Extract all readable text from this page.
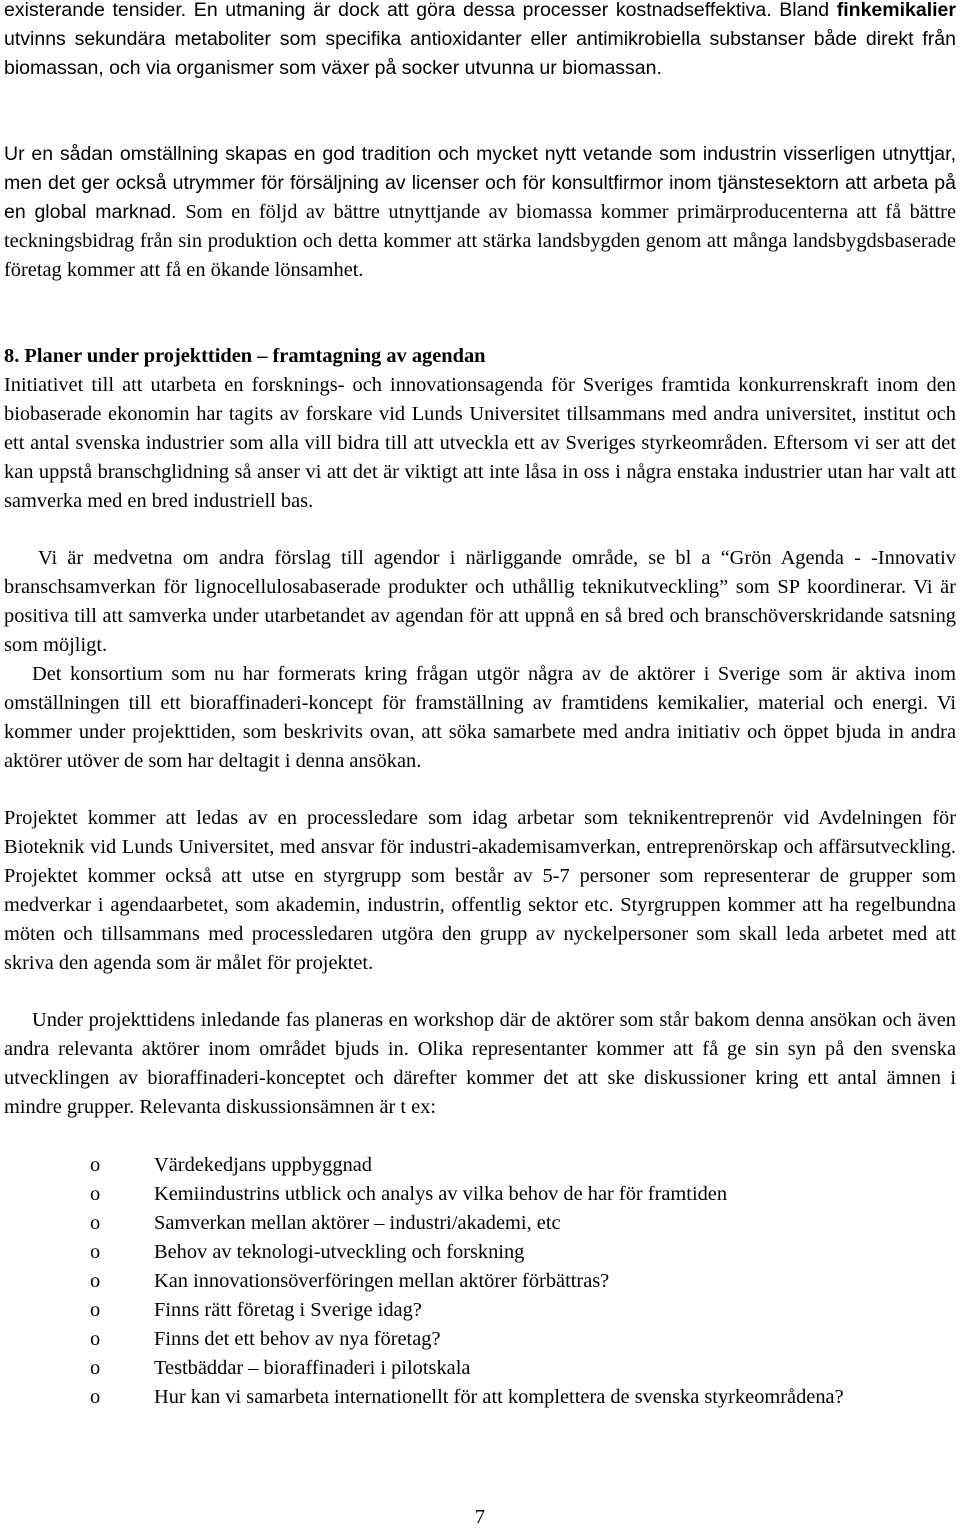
existerande tensider. En utmaning är dock att göra dessa processer kostnadseffektiva. Bland finkemikalier utvinns sekundära metaboliter som specifika antioxidanter eller antimikrobiella substanser både direkt från biomassan, och via organismer som växer på socker utvunna ur biomassan.

Ur en sådan omställning skapas en god tradition och mycket nytt vetande som industrin visserligen utnyttjar, men det ger också utrymmer för försäljning av licenser och för konsultfirmor inom tjänstesektorn att arbeta på en global marknad. Som en följd av bättre utnyttjande av biomassa kommer primärproducenterna att få bättre teckningsbidrag från sin produktion och detta kommer att stärka landsbygden genom att många landsbygdsbaserade företag kommer att få en ökande lönsamhet.

8. Planer under projekttiden – framtagning av agendan

Initiativet till att utarbeta en forsknings- och innovationsagenda för Sveriges framtida konkurrenskraft inom den biobaserade ekonomin har tagits av forskare vid Lunds Universitet tillsammans med andra universitet, institut och ett antal svenska industrier som alla vill bidra till att utveckla ett av Sveriges styrkeområden. Eftersom vi ser att det kan uppstå branschglidning så anser vi att det är viktigt att inte låsa in oss i några enstaka industrier utan har valt att samverka med en bred industriell bas.

Vi är medvetna om andra förslag till agendor i närliggande område, se bl a “Grön Agenda - -Innovativ branschsamverkan för lignocellulosabaserade produkter och uthållig teknikutveckling” som SP koordinerar. Vi är positiva till att samverka under utarbetandet av agendan för att uppnå en så bred och branschöverskridande satsning som möjligt.

Det konsortium som nu har formerats kring frågan utgör några av de aktörer i Sverige som är aktiva inom omställningen till ett bioraffinaderi-koncept för framställning av framtidens kemikalier, material och energi. Vi kommer under projekttiden, som beskrivits ovan, att söka samarbete med andra initiativ och öppet bjuda in andra aktörer utöver de som har deltagit i denna ansökan.

Projektet kommer att ledas av en processledare som idag arbetar som teknikentreprenör vid Avdelningen för Bioteknik vid Lunds Universitet, med ansvar för industri-akademisamverkan, entreprenörskap och affärsutveckling. Projektet kommer också att utse en styrgrupp som består av 5-7 personer som representerar de grupper som medverkar i agendaarbetet, som akademin, industrin, offentlig sektor etc. Styrgruppen kommer att ha regelbundna möten och tillsammans med processledaren utgöra den grupp av nyckelpersoner som skall leda arbetet med att skriva den agenda som är målet för projektet.

Under projekttidens inledande fas planeras en workshop där de aktörer som står bakom denna ansökan och även andra relevanta aktörer inom området bjuds in. Olika representanter kommer att få ge sin syn på den svenska utvecklingen av bioraffinaderi-konceptet och därefter kommer det att ske diskussioner kring ett antal ämnen i mindre grupper. Relevanta diskussionsämnen är t ex:

o	Värdekedjans uppbyggnad
o	Kemiindustrins utblick och analys av vilka behov de har för framtiden
o	Samverkan mellan aktörer – industri/akademi, etc
o	Behov av teknologi-utveckling och forskning
o	Kan innovationsöverföringen mellan aktörer förbättras?
o	Finns rätt företag i Sverige idag?
o	Finns det ett behov av nya företag?
o	Testbäddar – bioraffinaderi i pilotskala
o	Hur kan vi samarbeta internationellt för att komplettera de svenska styrkeområdena?
7
